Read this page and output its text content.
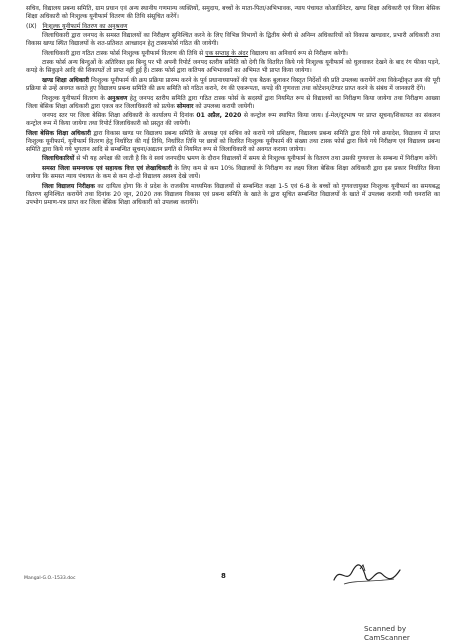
सचिव, विद्यालय प्रबन्ध समिति, ग्राम प्रधान एवं अन्य स्थानीय गणमान्य व्यक्तियों, समुदाय, बच्चों के माता-पिता/अभिभावक, न्याय पंचायत कोआर्डिनेटर, खण्ड शिक्षा अधिकारी एवं जिला बेसिक शिक्षा अधिकारी को निःशुल्क यूनीफार्म वितरण की तिथि संसूचित करेंगें।

(IX) निःशुल्क यूनीफार्म वितरण का अनुश्रवण

जिलाधिकारी द्वारा जनपद के समस्त विद्यालयों का निरीक्षण सुनिश्चित करने के लिए विभिन्न विभागों के द्वितीय श्रेणी से अनिम्न अधिकारियों को विकास खण्डवार, प्रभारी अधिकारी तथा विकास खण्ड स्थित विद्यालयों के शत-प्रतिशत आच्छादन हेतु टास्कफोर्स गठित की जायेगी।

जिलाधिकारी द्वारा गठित टास्क फोर्स निःशुल्क यूनीफार्म वितरण की तिथि से एक सप्ताह के अंदर विद्यालय का अनिवार्य रूप से निरीक्षण करेगी।

टास्क फोर्स अन्य बिन्दुओं के अतिरिक्त इस बिन्दु पर भी अपनी रिपोर्ट जनपद स्तरीय समिति को देगी कि वितरित किये गये निःशुल्क यूनीफार्म को धुलवाकर देखने के बाद रंग फीका पड़ने, कपड़े के सिकुड़ने आदि की शिकायतें तो प्राप्त नहीं हुई हैं। टास्क फोर्स द्वारा कतिपय अभिभावकों का अभिमत भी प्राप्त किया जायेगा।

खण्ड शिक्षा अधिकारी निःशुल्क यूनीफार्म की क्रय प्रक्रिया प्रारम्भ करने के पूर्व प्रधानाध्यापकों की एक बैठक बुलाकर विस्तृत निर्देशों की प्रति उपलब्ध करायेंगें तथा विकेन्द्रीकृत क्रय की पूरी प्रक्रिया से उन्हें अवगत कराते हुए विद्यालय प्रबन्ध समिति की क्रय समिति को गठित कराने, रंग की एकरूपता, कपड़े की गुणवत्ता तथा कोटेशन/टेण्डर प्राप्त करने के संबंध में जानकारी देंगे।

निःशुल्क यूनीफार्म वितरण के अनुश्रवण हेतु जनपद स्तरीय समिति द्वारा गठित टास्क फोर्स के सदस्यों द्वारा नियमित रूप से विद्यालयों का निरीक्षण किया जायेगा तथा निरीक्षण आख्या जिला बेसिक शिक्षा अधिकारी द्वारा एकत्र कर जिलाधिकारी को प्रत्येक सोमवार को उपलब्ध करायी जायेगी।

जनपद स्तर पर जिला बेसिक शिक्षा अधिकारी के कार्यालय में दिनांक 01 अप्रैल, 2020 से कन्ट्रोल रूम स्थापित किया जाय। ई-मेल/दूरभाष पर प्राप्त सूचना/शिकायत का संकलन कन्ट्रोल रूम में किया जायेगा तथा रिपोर्ट जिलाधिकारी को प्रस्तुत की जायेगी।

जिला बेसिक शिक्षा अधिकारी द्वारा विकास खण्ड पर विद्यालय प्रबन्ध समिति के अध्यक्ष एवं सचिव को कराये गये प्रशिक्षण, विद्यालय प्रबन्ध समिति द्वारा दिये गये क्रयादेश, विद्यालय में प्राप्त निःशुल्क यूनीफार्म, यूनीफार्म वितरण हेतु निर्धारित की गई तिथि, निर्धारित तिथि पर छात्रों को वितरित निःशुल्क यूनीफार्म की संख्या तथा टास्क फोर्स द्वारा किये गये निरीक्षण एवं विद्यालय प्रबन्ध समिति द्वारा किये गये भुगतान आदि से सम्बन्धित सूचना/अद्यतन प्रगति से नियमित रूप से जिलाधिकारी को अवगत कराया जायेगा।

जिलाधिकारियों से भी यह अपेक्षा की जाती है कि वे स्वयं जनपदीय भ्रमण के दौरान विद्यालयों में समय से निःशुल्क यूनीफार्म के वितरण तथा उसकी गुणवत्ता के सम्बन्ध में निरीक्षण करेंगें।

समस्त जिला समन्वयक एवं सहायक वित्त एवं लेखाधिकारी के लिए कम से कम 10% विद्यालयों के निरीक्षण का लक्ष्य जिला बेसिक शिक्षा अधिकारी द्वारा इस प्रकार निर्धारित किया जायेगा कि समस्त न्याय पंचायत के कम से कम दो-दो विद्यालय अवश्य देखे जायें।

जिला विद्यालय निरीक्षक का दायित्व होगा कि वे प्रदेश के राजकीय माध्यमिक विद्यालयों से सम्बन्धित कक्षा 1-5 एवं 6-8 के बच्चों को गुणवत्तायुक्त निःशुल्क यूनीफार्म का समयबद्ध वितरण सुनिश्चित करायेंगे तथा दिनांक 20 जून, 2020 तक विद्यालय विकास एवं प्रबन्ध समिति के खाते के द्वारा सूचित सम्बन्धित विद्यालयों के खाते में उपलब्ध करायी गयी धनराशि का उपभोग प्रमाण-पत्र प्राप्त कर जिला बेसिक शिक्षा अधिकारी को उपलब्ध करायेंगे।

Mangal-G.O.-1533.doc	8
Scanned by CamScanner
